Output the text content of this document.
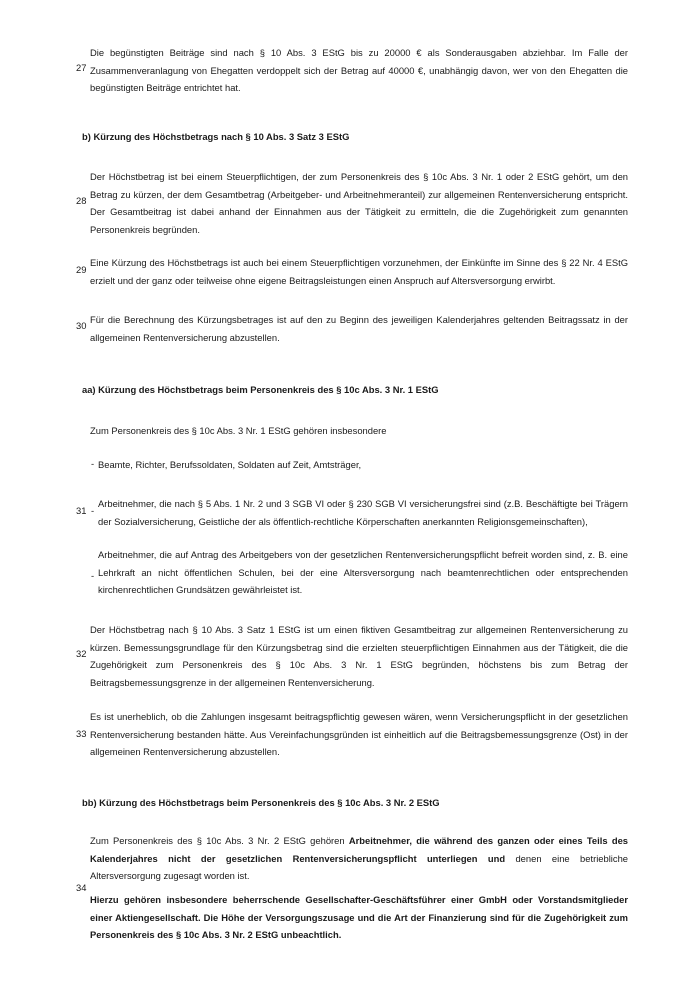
27

Die begünstigten Beiträge sind nach § 10 Abs. 3 EStG bis zu 20000 € als Sonderausgaben abziehbar. Im Falle der Zusammenveranlagung von Ehegatten verdoppelt sich der Betrag auf 40000 €, unabhängig davon, wer von den Ehegatten die begünstigten Beiträge entrichtet hat.

b) Kürzung des Höchstbetrags nach § 10 Abs. 3 Satz 3 EStG
28

Der Höchstbetrag ist bei einem Steuerpflichtigen, der zum Personenkreis des § 10c Abs. 3 Nr. 1 oder 2 EStG gehört, um den Betrag zu kürzen, der dem Gesamtbetrag (Arbeitgeber- und Arbeitnehmeranteil) zur allgemeinen Rentenversicherung entspricht. Der Gesamtbeitrag ist dabei anhand der Einnahmen aus der Tätigkeit zu ermitteln, die die Zugehörigkeit zum genannten Personenkreis begründen.

29

Eine Kürzung des Höchstbetrags ist auch bei einem Steuerpflichtigen vorzunehmen, der Einkünfte im Sinne des § 22 Nr. 4 EStG erzielt und der ganz oder teilweise ohne eigene Beitragsleistungen einen Anspruch auf Altersversorgung erwirbt.

30

Für die Berechnung des Kürzungsbetrages ist auf den zu Beginn des jeweiligen Kalenderjahres geltenden Beitragssatz in der allgemeinen Rentenversicherung abzustellen.

aa) Kürzung des Höchstbetrags beim Personenkreis des § 10c Abs. 3 Nr. 1 EStG

Zum Personenkreis des § 10c Abs. 3 Nr. 1 EStG gehören insbesondere

- Beamte, Richter, Berufssoldaten, Soldaten auf Zeit, Amtsträger,

31 -

Arbeitnehmer, die nach § 5 Abs. 1 Nr. 2 und 3 SGB VI oder § 230 SGB VI versicherungsfrei sind (z.B. Beschäftigte bei Trägern der Sozialversicherung, Geistliche der als öffentlich-rechtliche Körperschaften anerkannten Religionsgemeinschaften),

-

Arbeitnehmer, die auf Antrag des Arbeitgebers von der gesetzlichen Rentenversicherungspflicht befreit worden sind, z. B. eine Lehrkraft an nicht öffentlichen Schulen, bei der eine Altersversorgung nach beamtenrechtlichen oder entsprechenden kirchenrechtlichen Grundsätzen gewährleistet ist.

32

Der Höchstbetrag nach § 10 Abs. 3 Satz 1 EStG ist um einen fiktiven Gesamtbeitrag zur allgemeinen Rentenversicherung zu kürzen. Bemessungsgrundlage für den Kürzungsbetrag sind die erzielten steuerpflichtigen Einnahmen aus der Tätigkeit, die die Zugehörigkeit zum Personenkreis des § 10c Abs. 3 Nr. 1 EStG begründen, höchstens bis zum Betrag der Beitragsbemessungsgrenze in der allgemeinen Rentenversicherung.

33

Es ist unerheblich, ob die Zahlungen insgesamt beitragspflichtig gewesen wären, wenn Versicherungspflicht in der gesetzlichen Rentenversicherung bestanden hätte. Aus Vereinfachungsgründen ist einheitlich auf die Beitragsbemessungsgrenze (Ost) in der allgemeinen Rentenversicherung abzustellen.

bb) Kürzung des Höchstbetrags beim Personenkreis des § 10c Abs. 3 Nr. 2 EStG
34

Zum Personenkreis des § 10c Abs. 3 Nr. 2 EStG gehören Arbeitnehmer, die während des ganzen oder eines Teils des Kalenderjahres nicht der gesetzlichen Rentenversicherungspflicht unterliegen und denen eine betriebliche Altersversorgung zugesagt worden ist.

Hierzu gehören insbesondere beherrschende Gesellschafter-Geschäftsführer einer GmbH oder Vorstandsmitglieder einer Aktiengesellschaft. Die Höhe der Versorgungszusage und die Art der Finanzierung sind für die Zugehörigkeit zum Personenkreis des § 10c Abs. 3 Nr. 2 EStG unbeachtlich.
